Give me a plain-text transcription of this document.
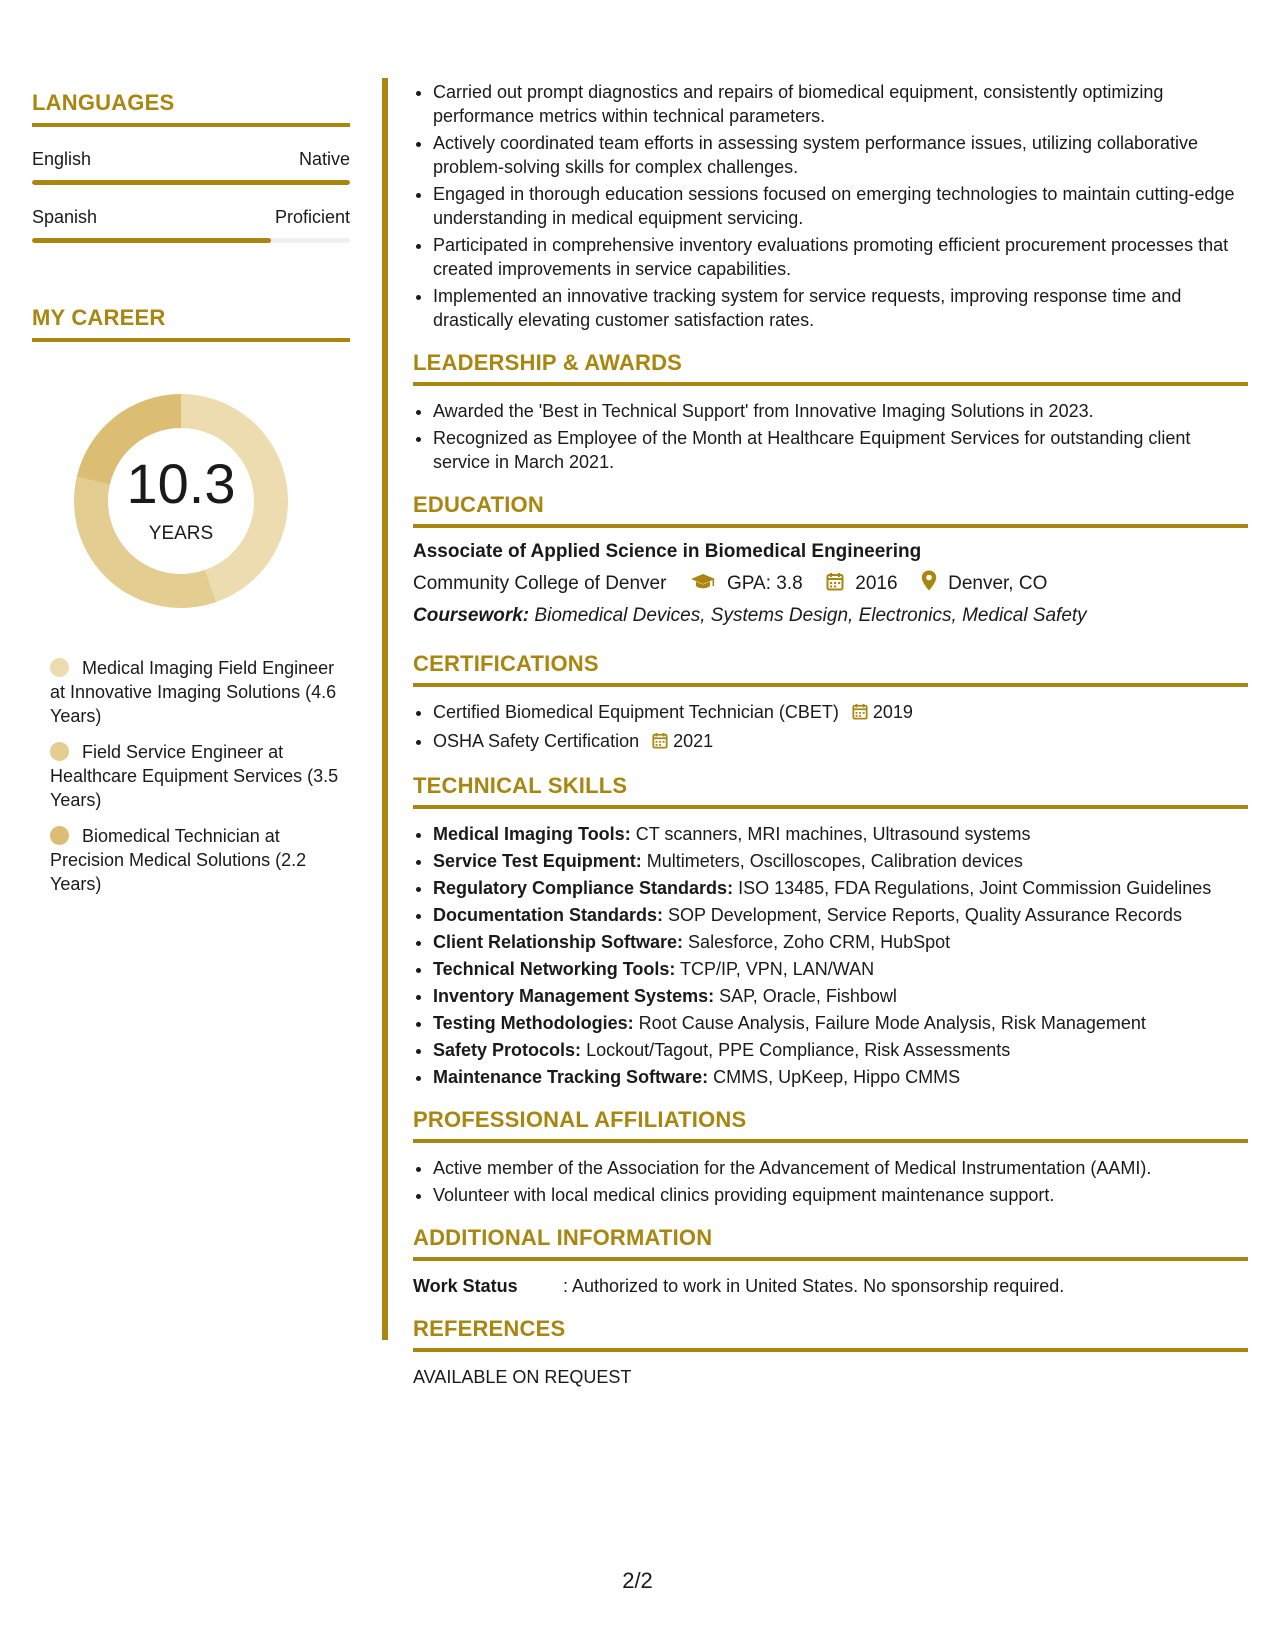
LANGUAGES
English	Native
Spanish	Proficient
MY CAREER
10.3
YEARS
Medical Imaging Field Engineer at Innovative Imaging Solutions (4.6 Years)
Field Service Engineer at Healthcare Equipment Services (3.5 Years)
Biomedical Technician at Precision Medical Solutions (2.2 Years)
• Carried out prompt diagnostics and repairs of biomedical equipment, consistently optimizing performance metrics within technical parameters.
• Actively coordinated team efforts in assessing system performance issues, utilizing collaborative problem-solving skills for complex challenges.
• Engaged in thorough education sessions focused on emerging technologies to maintain cutting-edge understanding in medical equipment servicing.
• Participated in comprehensive inventory evaluations promoting efficient procurement processes that created improvements in service capabilities.
• Implemented an innovative tracking system for service requests, improving response time and drastically elevating customer satisfaction rates.
LEADERSHIP & AWARDS
• Awarded the 'Best in Technical Support' from Innovative Imaging Solutions in 2023.
• Recognized as Employee of the Month at Healthcare Equipment Services for outstanding client service in March 2021.
EDUCATION
Associate of Applied Science in Biomedical Engineering
Community College of Denver	GPA: 3.8	2016	Denver, CO
Coursework: Biomedical Devices, Systems Design, Electronics, Medical Safety
CERTIFICATIONS
• Certified Biomedical Equipment Technician (CBET) 2019
• OSHA Safety Certification 2021
TECHNICAL SKILLS
• Medical Imaging Tools: CT scanners, MRI machines, Ultrasound systems
• Service Test Equipment: Multimeters, Oscilloscopes, Calibration devices
• Regulatory Compliance Standards: ISO 13485, FDA Regulations, Joint Commission Guidelines
• Documentation Standards: SOP Development, Service Reports, Quality Assurance Records
• Client Relationship Software: Salesforce, Zoho CRM, HubSpot
• Technical Networking Tools: TCP/IP, VPN, LAN/WAN
• Inventory Management Systems: SAP, Oracle, Fishbowl
• Testing Methodologies: Root Cause Analysis, Failure Mode Analysis, Risk Management
• Safety Protocols: Lockout/Tagout, PPE Compliance, Risk Assessments
• Maintenance Tracking Software: CMMS, UpKeep, Hippo CMMS
PROFESSIONAL AFFILIATIONS
• Active member of the Association for the Advancement of Medical Instrumentation (AAMI).
• Volunteer with local medical clinics providing equipment maintenance support.
ADDITIONAL INFORMATION
Work Status	: Authorized to work in United States. No sponsorship required.
REFERENCES
AVAILABLE ON REQUEST
2/2
